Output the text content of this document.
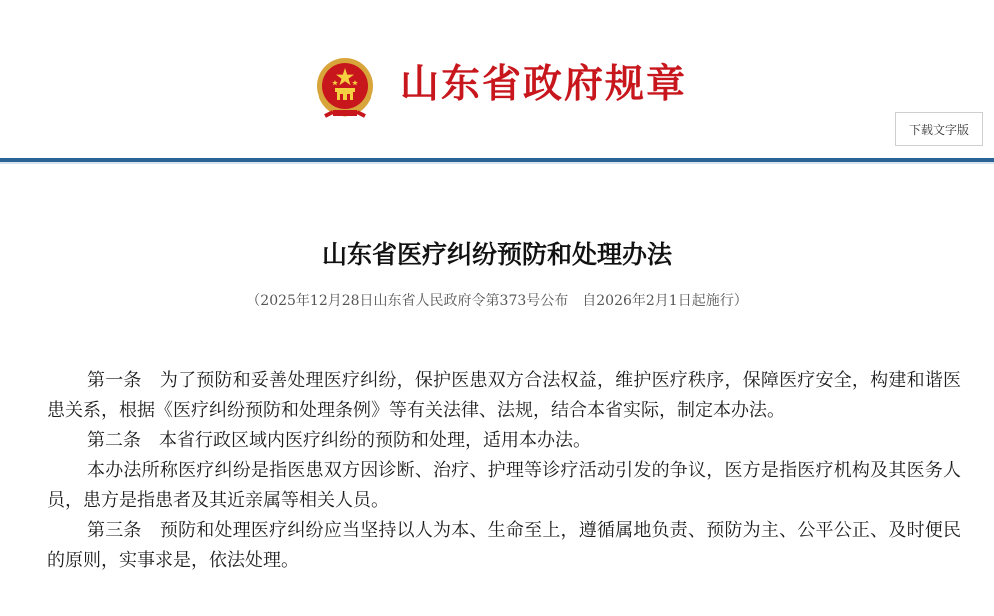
山东省政府规章
下载文字版
山东省医疗纠纷预防和处理办法
（2025年12月28日山东省人民政府令第373号公布　自2026年2月1日起施行）

第一条　为了预防和妥善处理医疗纠纷，保护医患双方合法权益，维护医疗秩序，保障医疗安全，构建和谐医患关系，根据《医疗纠纷预防和处理条例》等有关法律、法规，结合本省实际，制定本办法。

第二条　本省行政区域内医疗纠纷的预防和处理，适用本办法。

本办法所称医疗纠纷是指医患双方因诊断、治疗、护理等诊疗活动引发的争议，医方是指医疗机构及其医务人员，患方是指患者及其近亲属等相关人员。

第三条　预防和处理医疗纠纷应当坚持以人为本、生命至上，遵循属地负责、预防为主、公平公正、及时便民的原则，实事求是，依法处理。
